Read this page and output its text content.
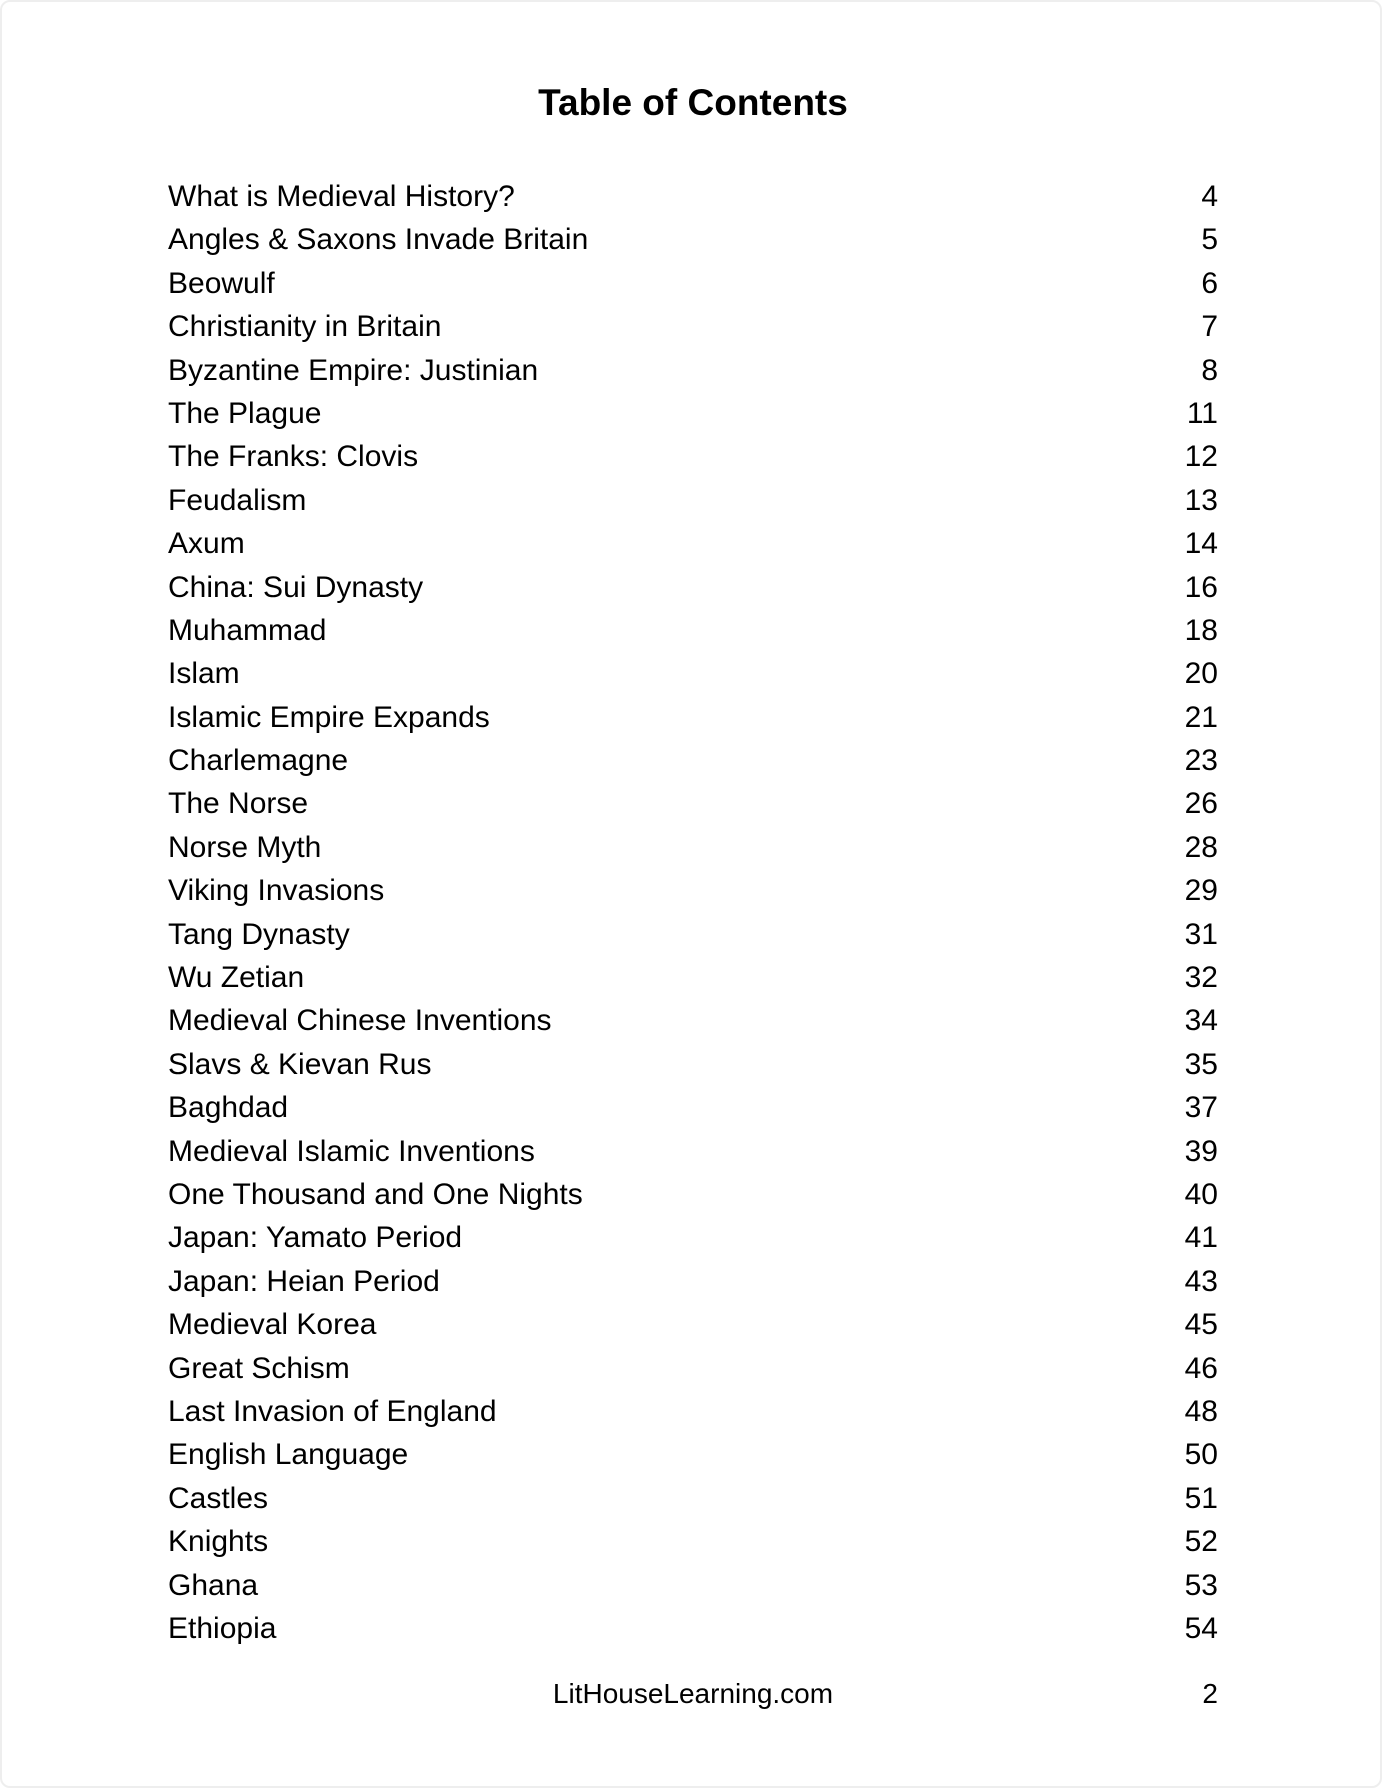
Table of Contents
What is Medieval History?	4
Angles & Saxons Invade Britain	5
Beowulf	6
Christianity in Britain	7
Byzantine Empire: Justinian	8
The Plague	11
The Franks: Clovis	12
Feudalism	13
Axum	14
China: Sui Dynasty	16
Muhammad	18
Islam	20
Islamic Empire Expands	21
Charlemagne	23
The Norse	26
Norse Myth	28
Viking Invasions	29
Tang Dynasty	31
Wu Zetian	32
Medieval Chinese Inventions	34
Slavs & Kievan Rus	35
Baghdad	37
Medieval Islamic Inventions	39
One Thousand and One Nights	40
Japan: Yamato Period	41
Japan: Heian Period	43
Medieval Korea	45
Great Schism	46
Last Invasion of England	48
English Language	50
Castles	51
Knights	52
Ghana	53
Ethiopia	54
LitHouseLearning.com	2
